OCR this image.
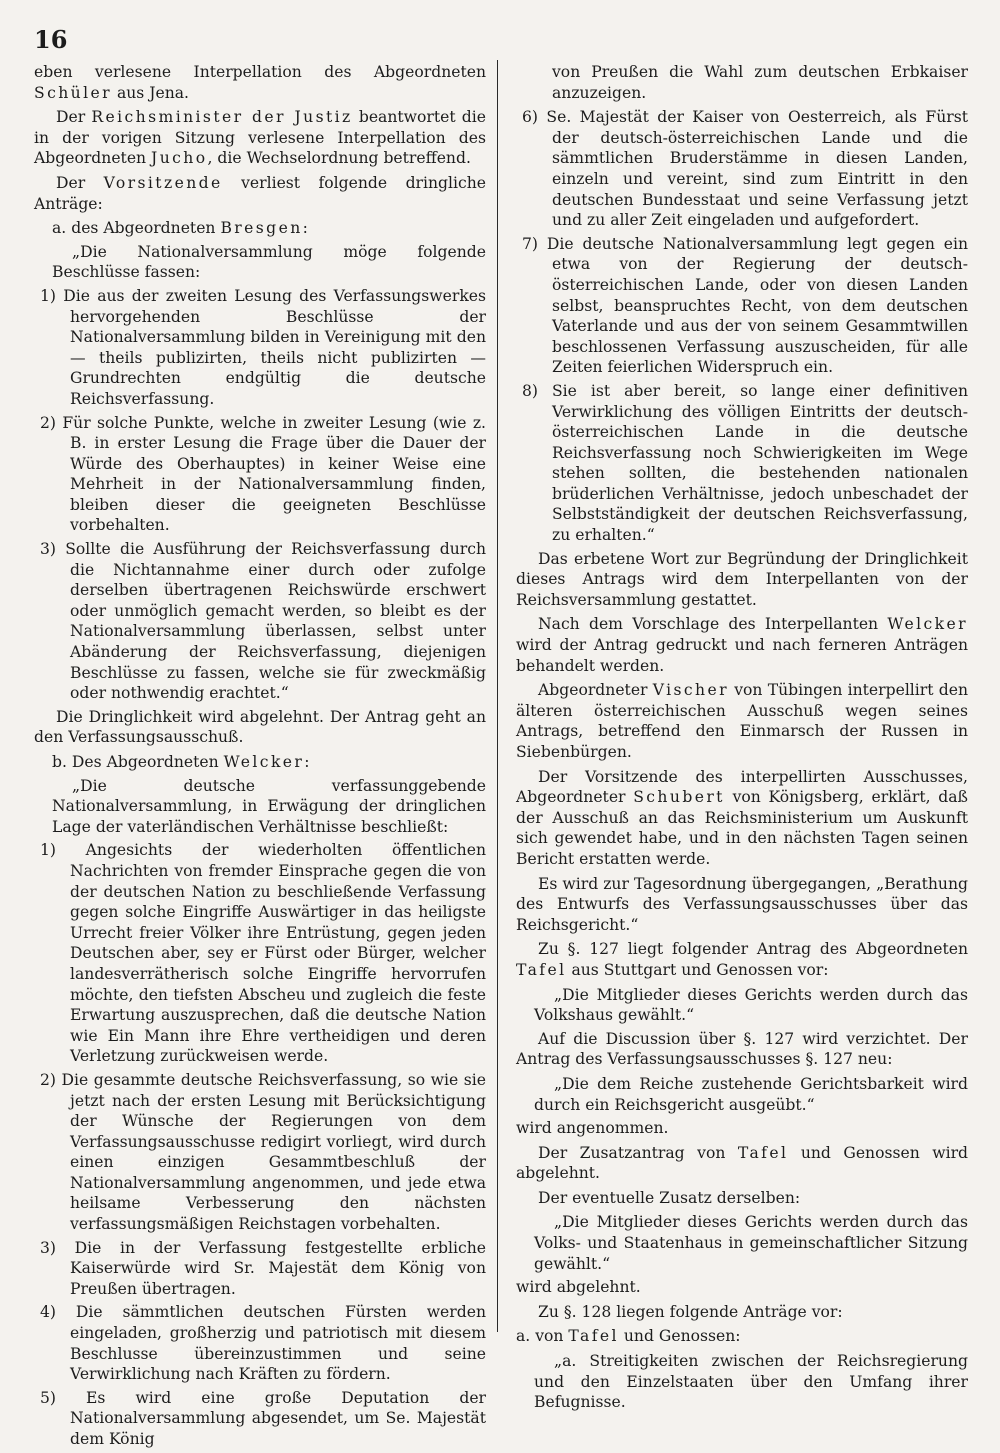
16

eben verlesene Interpellation des Abgeordneten Schüler aus Jena.

Der Reichsminister der Justiz beantwortet die in der vorigen Sitzung verlesene Interpellation des Abgeordneten Jucho, die Wechselordnung betreffend.

Der Vorsitzende verliest folgende dringliche Anträge:

a. des Abgeordneten Bresgen:

„Die Nationalversammlung möge folgende Beschlüsse fassen:

1) Die aus der zweiten Lesung des Verfassungswerkes hervorgehenden Beschlüsse der Nationalversammlung bilden in Vereinigung mit den — theils publizirten, theils nicht publizirten — Grundrechten endgültig die deutsche Reichsverfassung.

2) Für solche Punkte, welche in zweiter Lesung (wie z. B. in erster Lesung die Frage über die Dauer der Würde des Oberhauptes) in keiner Weise eine Mehrheit in der Nationalversammlung finden, bleiben dieser die geeigneten Beschlüsse vorbehalten.

3) Sollte die Ausführung der Reichsverfassung durch die Nichtannahme einer durch oder zufolge derselben übertragenen Reichswürde erschwert oder unmöglich gemacht werden, so bleibt es der Nationalversammlung überlassen, selbst unter Abänderung der Reichsverfassung, diejenigen Beschlüsse zu fassen, welche sie für zweckmäßig oder nothwendig erachtet.“

Die Dringlichkeit wird abgelehnt. Der Antrag geht an den Verfassungsausschuß.

b. Des Abgeordneten Welcker:

„Die deutsche verfassunggebende Nationalversammlung, in Erwägung der dringlichen Lage der vaterländischen Verhältnisse beschließt:

1) Angesichts der wiederholten öffentlichen Nachrichten von fremder Einsprache gegen die von der deutschen Nation zu beschließende Verfassung gegen solche Eingriffe Auswärtiger in das heiligste Urrecht freier Völker ihre Entrüstung, gegen jeden Deutschen aber, sey er Fürst oder Bürger, welcher landesverrätherisch solche Eingriffe hervorrufen möchte, den tiefsten Abscheu und zugleich die feste Erwartung auszusprechen, daß die deutsche Nation wie Ein Mann ihre Ehre vertheidigen und deren Verletzung zurückweisen werde.

2) Die gesammte deutsche Reichsverfassung, so wie sie jetzt nach der ersten Lesung mit Berücksichtigung der Wünsche der Regierungen von dem Verfassungsausschusse redigirt vorliegt, wird durch einen einzigen Gesammtbeschluß der Nationalversammlung angenommen, und jede etwa heilsame Verbesserung den nächsten verfassungsmäßigen Reichstagen vorbehalten.

3) Die in der Verfassung festgestellte erbliche Kaiserwürde wird Sr. Majestät dem König von Preußen übertragen.

4) Die sämmtlichen deutschen Fürsten werden eingeladen, großherzig und patriotisch mit diesem Beschlusse übereinzustimmen und seine Verwirklichung nach Kräften zu fördern.

5) Es wird eine große Deputation der Nationalversammlung abgesendet, um Se. Majestät dem König

von Preußen die Wahl zum deutschen Erbkaiser anzuzeigen.

6) Se. Majestät der Kaiser von Oesterreich, als Fürst der deutsch-österreichischen Lande und die sämmtlichen Bruderstämme in diesen Landen, einzeln und vereint, sind zum Eintritt in den deutschen Bundesstaat und seine Verfassung jetzt und zu aller Zeit eingeladen und aufgefordert.

7) Die deutsche Nationalversammlung legt gegen ein etwa von der Regierung der deutsch-österreichischen Lande, oder von diesen Landen selbst, beanspruchtes Recht, von dem deutschen Vaterlande und aus der von seinem Gesammtwillen beschlossenen Verfassung auszuscheiden, für alle Zeiten feierlichen Widerspruch ein.

8) Sie ist aber bereit, so lange einer definitiven Verwirklichung des völligen Eintritts der deutsch-österreichischen Lande in die deutsche Reichsverfassung noch Schwierigkeiten im Wege stehen sollten, die bestehenden nationalen brüderlichen Verhältnisse, jedoch unbeschadet der Selbstständigkeit der deutschen Reichsverfassung, zu erhalten.“

Das erbetene Wort zur Begründung der Dringlichkeit dieses Antrags wird dem Interpellanten von der Reichsversammlung gestattet.

Nach dem Vorschlage des Interpellanten Welcker wird der Antrag gedruckt und nach ferneren Anträgen behandelt werden.

Abgeordneter Vischer von Tübingen interpellirt den älteren österreichischen Ausschuß wegen seines Antrags, betreffend den Einmarsch der Russen in Siebenbürgen.

Der Vorsitzende des interpellirten Ausschusses, Abgeordneter Schubert von Königsberg, erklärt, daß der Ausschuß an das Reichsministerium um Auskunft sich gewendet habe, und in den nächsten Tagen seinen Bericht erstatten werde.

Es wird zur Tagesordnung übergegangen, „Berathung des Entwurfs des Verfassungsausschusses über das Reichsgericht.“

Zu §. 127 liegt folgender Antrag des Abgeordneten Tafel aus Stuttgart und Genossen vor:

„Die Mitglieder dieses Gerichts werden durch das Volkshaus gewählt.“

Auf die Discussion über §. 127 wird verzichtet. Der Antrag des Verfassungsausschusses §. 127 neu:

„Die dem Reiche zustehende Gerichtsbarkeit wird durch ein Reichsgericht ausgeübt.“

wird angenommen.

Der Zusatzantrag von Tafel und Genossen wird abgelehnt.

Der eventuelle Zusatz derselben:

„Die Mitglieder dieses Gerichts werden durch das Volks- und Staatenhaus in gemeinschaftlicher Sitzung gewählt.“

wird abgelehnt.

Zu §. 128 liegen folgende Anträge vor:

a. von Tafel und Genossen:

„a. Streitigkeiten zwischen der Reichsregierung und den Einzelstaaten über den Umfang ihrer Befugnisse.
